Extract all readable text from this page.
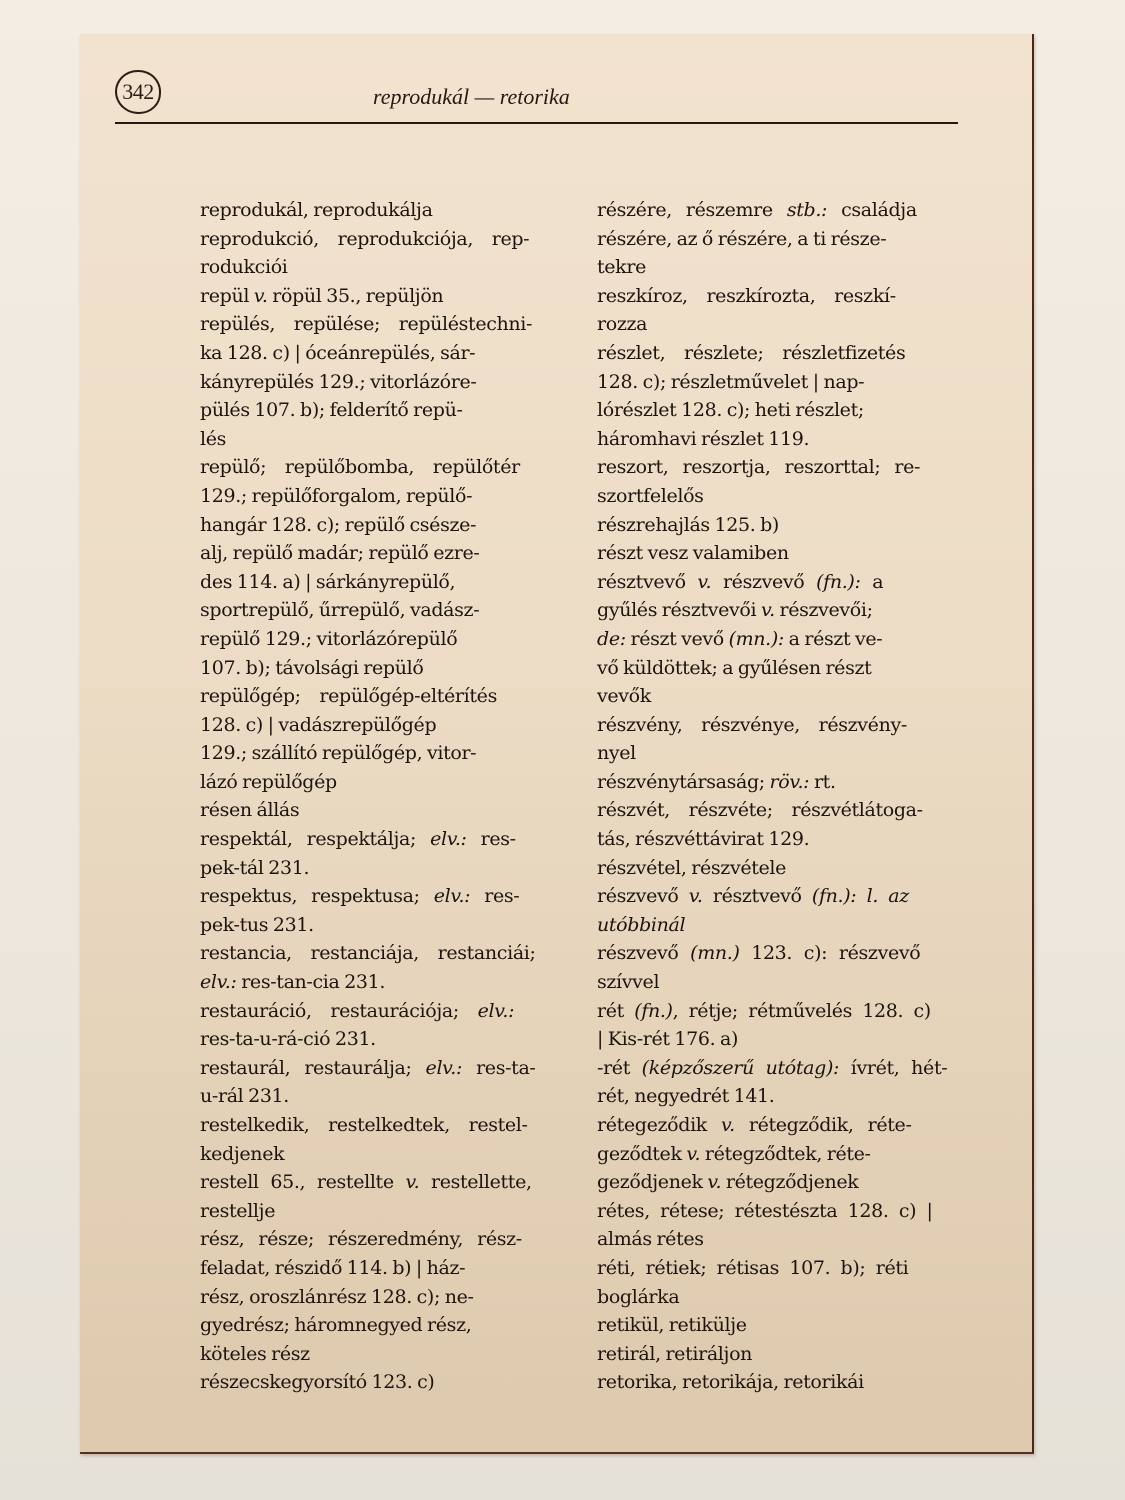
342	reprodukál — retorika
reprodukál, reprodukálja
reprodukció, reprodukciója, rep-
rodukciói
repül v. röpül 35., repüljön
repülés, repülése; repüléstechni-
ka 128. c) | óceánrepülés, sár-
kányrepülés 129.; vitorlázóre-
pülés 107. b); felderítő repü-
lés
repülő; repülőbomba, repülőtér
129.; repülőforgalom, repülő-
hangár 128. c); repülő csésze-
alj, repülő madár; repülő ezre-
des 114. a) | sárkányrepülő,
sportrepülő, űrrepülő, vadász-
repülő 129.; vitorlázórepülő
107. b); távolsági repülő
repülőgép; repülőgép-eltérítés
128. c) | vadászrepülőgép
129.; szállító repülőgép, vitor-
lázó repülőgép
résen állás
respektál, respektálja; elv.: res-
pek-tál 231.
respektus, respektusa; elv.: res-
pek-tus 231.
restancia, restanciája, restanciái;
elv.: res-tan-cia 231.
restauráció, restaurációja; elv.:
res-ta-u-rá-ció 231.
restaurál, restaurálja; elv.: res-ta-
u-rál 231.
restelkedik, restelkedtek, restel-
kedjenek
restell 65., restellte v. restellette,
restellje
rész, része; részeredmény, rész-
feladat, részidő 114. b) | ház-
rész, oroszlánrész 128. c); ne-
gyedrész; háromnegyed rész,
köteles rész
részecskegyorsító 123. c)
részére, részemre stb.: családja
részére, az ő részére, a ti része-
tekre
reszkíroz, reszkírozta, reszkí-
rozza
részlet, részlete; részletfizetés
128. c); részletművelet | nap-
lórészlet 128. c); heti részlet;
háromhavi részlet 119.
reszort, reszortja, reszorttal; re-
szortfelelős
részrehajlás 125. b)
részt vesz valamiben
résztvevő v. részvevő (fn.): a
gyűlés résztvevői v. részvevői;
de: részt vevő (mn.): a részt ve-
vő küldöttek; a gyűlésen részt
vevők
részvény, részvénye, részvény-
nyel
részvénytársaság; röv.: rt.
részvét, részvéte; részvétlátoga-
tás, részvéttávirat 129.
részvétel, részvétele
részvevő v. résztvevő (fn.): l. az
utóbbinál
részvevő (mn.) 123. c): részvevő
szívvel
rét (fn.), rétje; rétművelés 128. c)
| Kis-rét 176. a)
-rét (képzőszerű utótag): ívrét, hét-
rét, negyedrét 141.
rétegeződik v. rétegződik, réte-
geződtek v. rétegződtek, réte-
geződjenek v. rétegződjenek
rétes, rétese; rétestészta 128. c) |
almás rétes
réti, rétiek; rétisas 107. b); réti
boglárka
retikül, retikülje
retirál, retiráljon
retorika, retorikája, retorikái
